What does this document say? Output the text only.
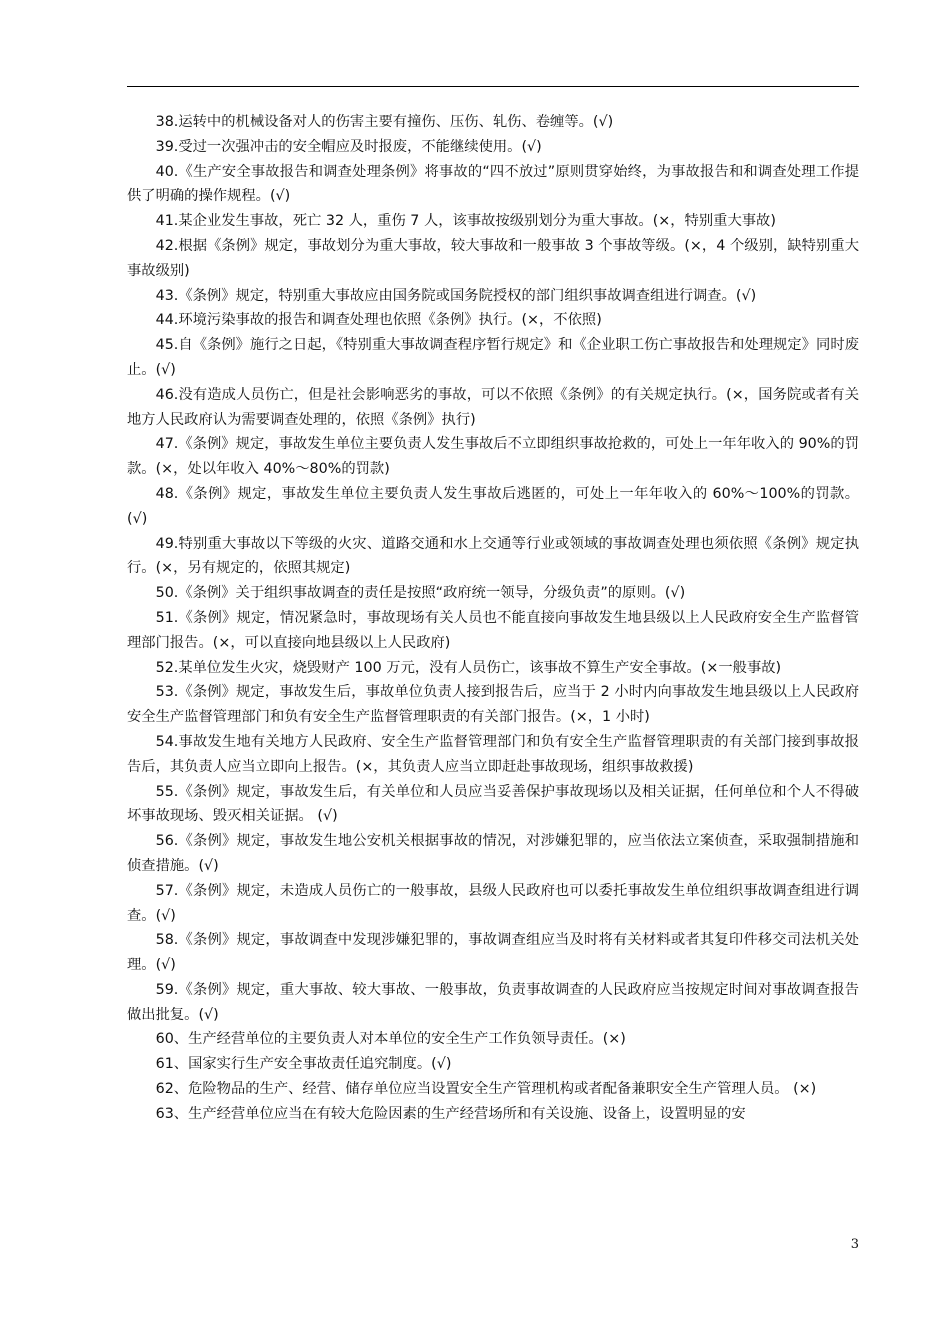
38.运转中的机械设备对人的伤害主要有撞伤、压伤、轧伤、卷缠等。(√)

39.受过一次强冲击的安全帽应及时报废，不能继续使用。(√)

40.《生产安全事故报告和调查处理条例》将事故的“四不放过”原则贯穿始终，为事故报告和和调查处理工作提供了明确的操作规程。(√)

41.某企业发生事故，死亡 32 人，重伤 7 人，该事故按级别划分为重大事故。(×，特别重大事故)

42.根据《条例》规定，事故划分为重大事故，较大事故和一般事故 3 个事故等级。(×，4 个级别，缺特别重大事故级别)

43.《条例》规定，特别重大事故应由国务院或国务院授权的部门组织事故调查组进行调查。(√)

44.环境污染事故的报告和调查处理也依照《条例》执行。(×，不依照)

45.自《条例》施行之日起，《特别重大事故调查程序暂行规定》和《企业职工伤亡事故报告和处理规定》同时废止。(√)

46.没有造成人员伤亡，但是社会影响恶劣的事故，可以不依照《条例》的有关规定执行。(×，国务院或者有关地方人民政府认为需要调查处理的，依照《条例》执行)

47.《条例》规定，事故发生单位主要负责人发生事故后不立即组织事故抢救的，可处上一年年收入的 90%的罚款。(×，处以年收入 40%～80%的罚款)

48.《条例》规定，事故发生单位主要负责人发生事故后逃匿的，可处上一年年收入的 60%～100%的罚款。(√)

49.特别重大事故以下等级的火灾、道路交通和水上交通等行业或领域的事故调查处理也须依照《条例》规定执行。(×，另有规定的，依照其规定)

50.《条例》关于组织事故调查的责任是按照“政府统一领导，分级负责”的原则。(√)

51.《条例》规定，情况紧急时，事故现场有关人员也不能直接向事故发生地县级以上人民政府安全生产监督管理部门报告。(×，可以直接向地县级以上人民政府)

52.某单位发生火灾，烧毁财产 100 万元，没有人员伤亡，该事故不算生产安全事故。(×一般事故)

53.《条例》规定，事故发生后，事故单位负责人接到报告后，应当于 2 小时内向事故发生地县级以上人民政府安全生产监督管理部门和负有安全生产监督管理职责的有关部门报告。(×，1 小时)

54.事故发生地有关地方人民政府、安全生产监督管理部门和负有安全生产监督管理职责的有关部门接到事故报告后，其负责人应当立即向上报告。(×，其负责人应当立即赶赴事故现场，组织事故救援)

55.《条例》规定，事故发生后，有关单位和人员应当妥善保护事故现场以及相关证据，任何单位和个人不得破坏事故现场、毁灭相关证据。 (√)

56.《条例》规定，事故发生地公安机关根据事故的情况，对涉嫌犯罪的，应当依法立案侦查，采取强制措施和侦查措施。(√)

57.《条例》规定，未造成人员伤亡的一般事故，县级人民政府也可以委托事故发生单位组织事故调查组进行调查。(√)

58.《条例》规定，事故调查中发现涉嫌犯罪的，事故调查组应当及时将有关材料或者其复印件移交司法机关处理。(√)

59.《条例》规定，重大事故、较大事故、一般事故，负责事故调查的人民政府应当按规定时间对事故调查报告做出批复。(√)

60、生产经营单位的主要负责人对本单位的安全生产工作负领导责任。(×)

61、国家实行生产安全事故责任追究制度。(√)

62、危险物品的生产、经营、储存单位应当设置安全生产管理机构或者配备兼职安全生产管理人员。 (×)

63、生产经营单位应当在有较大危险因素的生产经营场所和有关设施、设备上，设置明显的安

3
